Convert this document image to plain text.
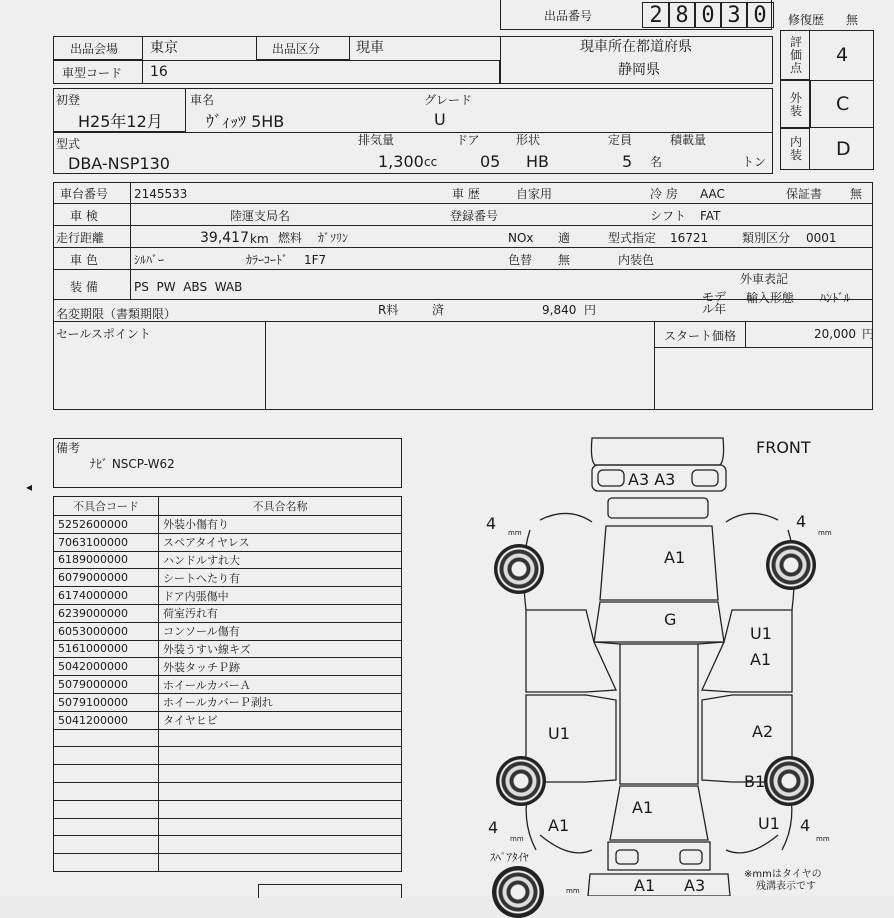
出品番号	2 8 0 3 0	修復歴 無
出品会場 東京	出品区分	現車	現車所在都道府県
静岡県
車型コード 16
評価点
4
外装 C
内装 D
初登
H25年12月
車名
ｳﾞｨｯﾂ 5HB
グレード
U
型式
DBA-NSP130
排気量
1,300 cc
ドア
05
形状
HB
定員
5 名
積載量
トン
車台番号 2145533	車 歴	自家用	冷 房 AAC	保証書 無
車 検	陸運支局名	登録番号	シフト FAT
走行距離	39,417 km 燃料 ｶﾞｿﾘﾝ	NOx 適	型式指定 16721	類別区分 0001
車 色	ｼﾙﾊﾞｰ	ｶﾗｰｺｰﾄﾞ 1F7	色替 無	内装色
装 備	PS  PW  ABS  WAB
外車表記
モデル年
輸入形態 ﾊﾝﾄﾞﾙ
名変期限（書類期限）	R料	済	9,840 円
セールスポイント	スタート価格	20,000 円
備考
ﾅﾋﾞ NSCP-W62
◂
不具合コード	不具合名称
5252600000	外装小傷有り
7063100000	スペアタイヤレス
6189000000	ハンドルすれ大
6079000000	シートへたり有
6174000000	ドア内張傷中
6239000000	荷室汚れ有
6053000000	コンソール傷有
5161000000	外装うすい線キズ
5042000000	外装タッチＰ跡
5079000000	ホイールカバーＡ
5079100000	ホイールカバーＰ剥れ
5041200000	タイヤヒビ

FRONT
4 mm
4
mm
4
mm
4
mm
ｽﾍﾟｱﾀｲﾔ
mm
※mmはタイヤの
残溝表示です
A3 A3
A1
G
U1
A1
A2
U1
B1
U1
A1
A1
A1 A3
